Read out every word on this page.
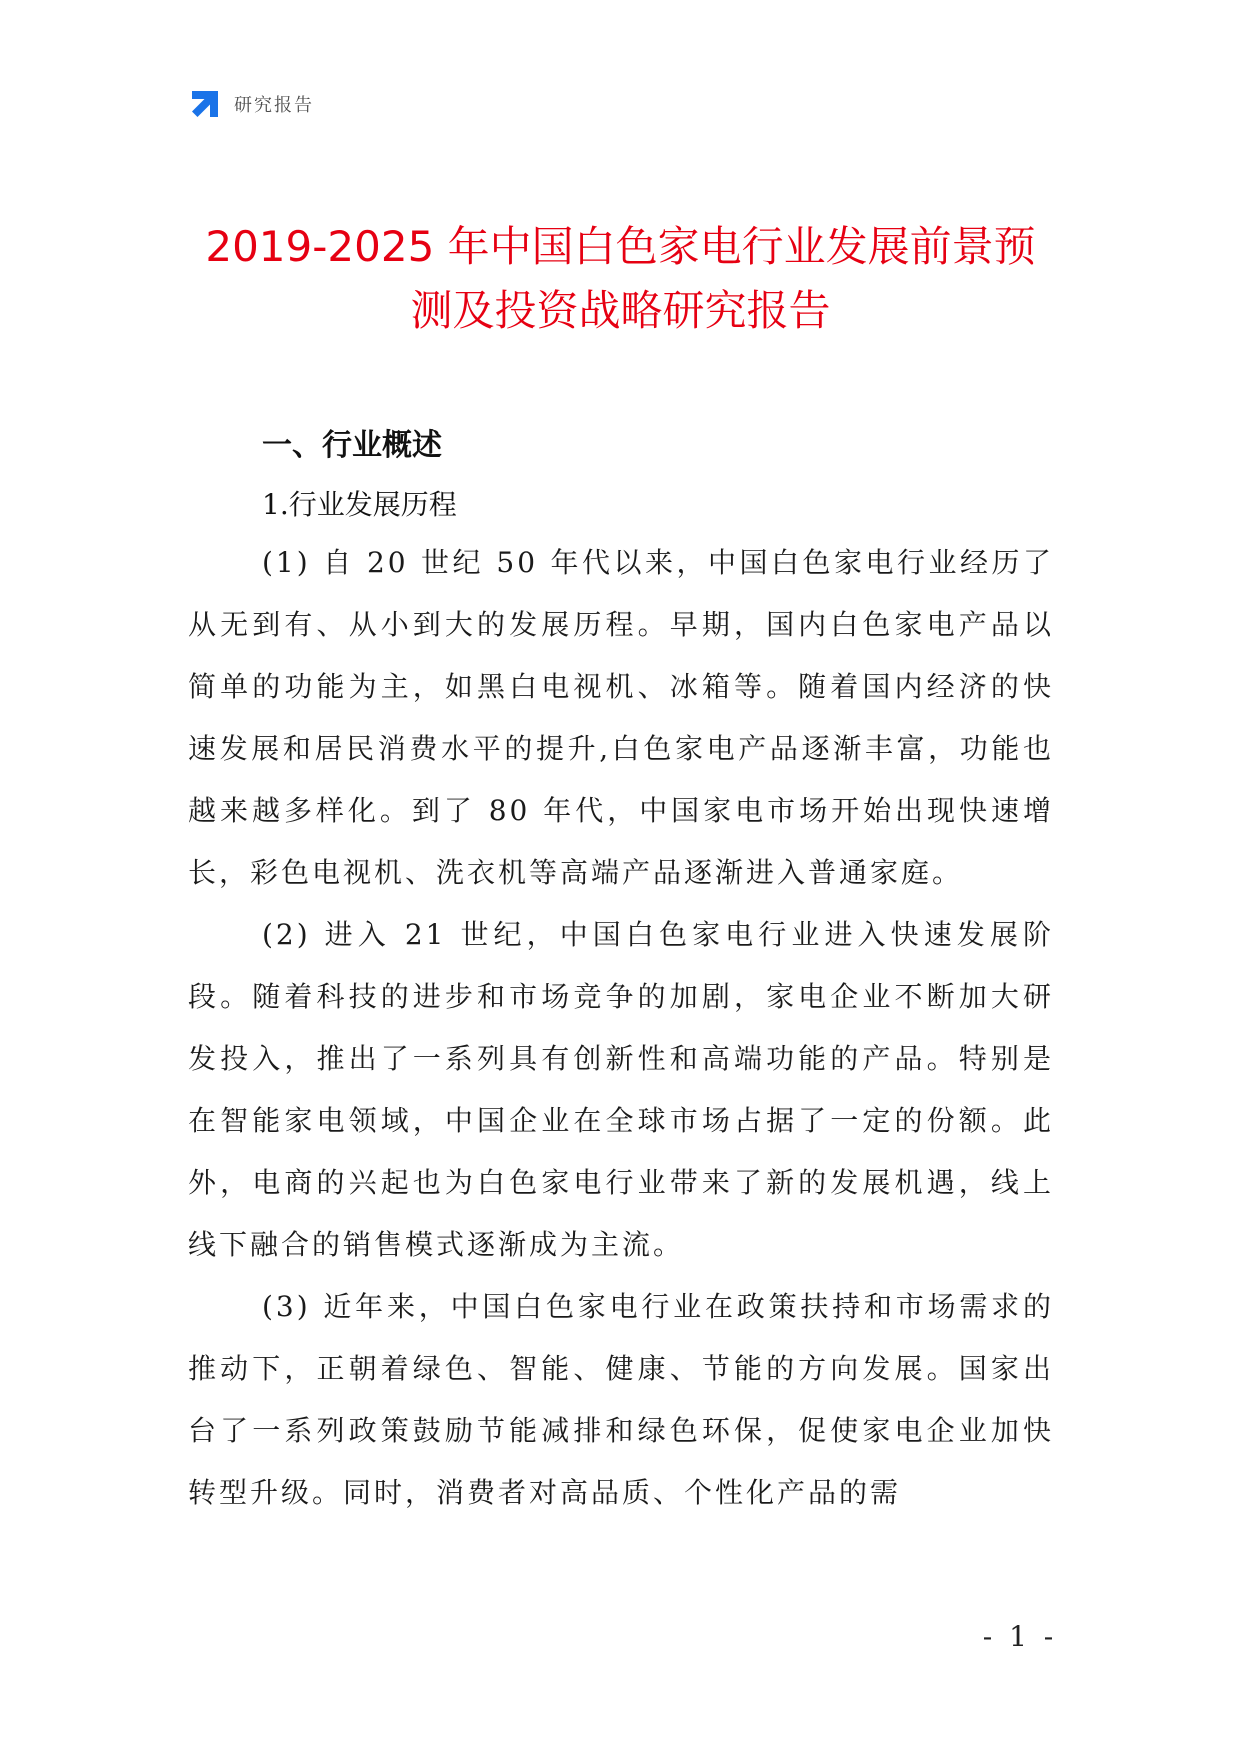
研究报告
2019-2025 年中国白色家电行业发展前景预
测及投资战略研究报告
一、行业概述
1.行业发展历程

(1) 自 20 世纪 50 年代以来，中国白色家电行业经历了从无到有、从小到大的发展历程。早期，国内白色家电产品以简单的功能为主，如黑白电视机、冰箱等。随着国内经济的快速发展和居民消费水平的提升,白色家电产品逐渐丰富，功能也越来越多样化。到了 80 年代，中国家电市场开始出现快速增长，彩色电视机、洗衣机等高端产品逐渐进入普通家庭。

(2) 进入 21 世纪，中国白色家电行业进入快速发展阶段。随着科技的进步和市场竞争的加剧，家电企业不断加大研发投入，推出了一系列具有创新性和高端功能的产品。特别是在智能家电领域，中国企业在全球市场占据了一定的份额。此外，电商的兴起也为白色家电行业带来了新的发展机遇，线上线下融合的销售模式逐渐成为主流。

(3) 近年来，中国白色家电行业在政策扶持和市场需求的推动下，正朝着绿色、智能、健康、节能的方向发展。国家出台了一系列政策鼓励节能减排和绿色环保，促使家电企业加快转型升级。同时，消费者对高品质、个性化产品的需

- 1 -
